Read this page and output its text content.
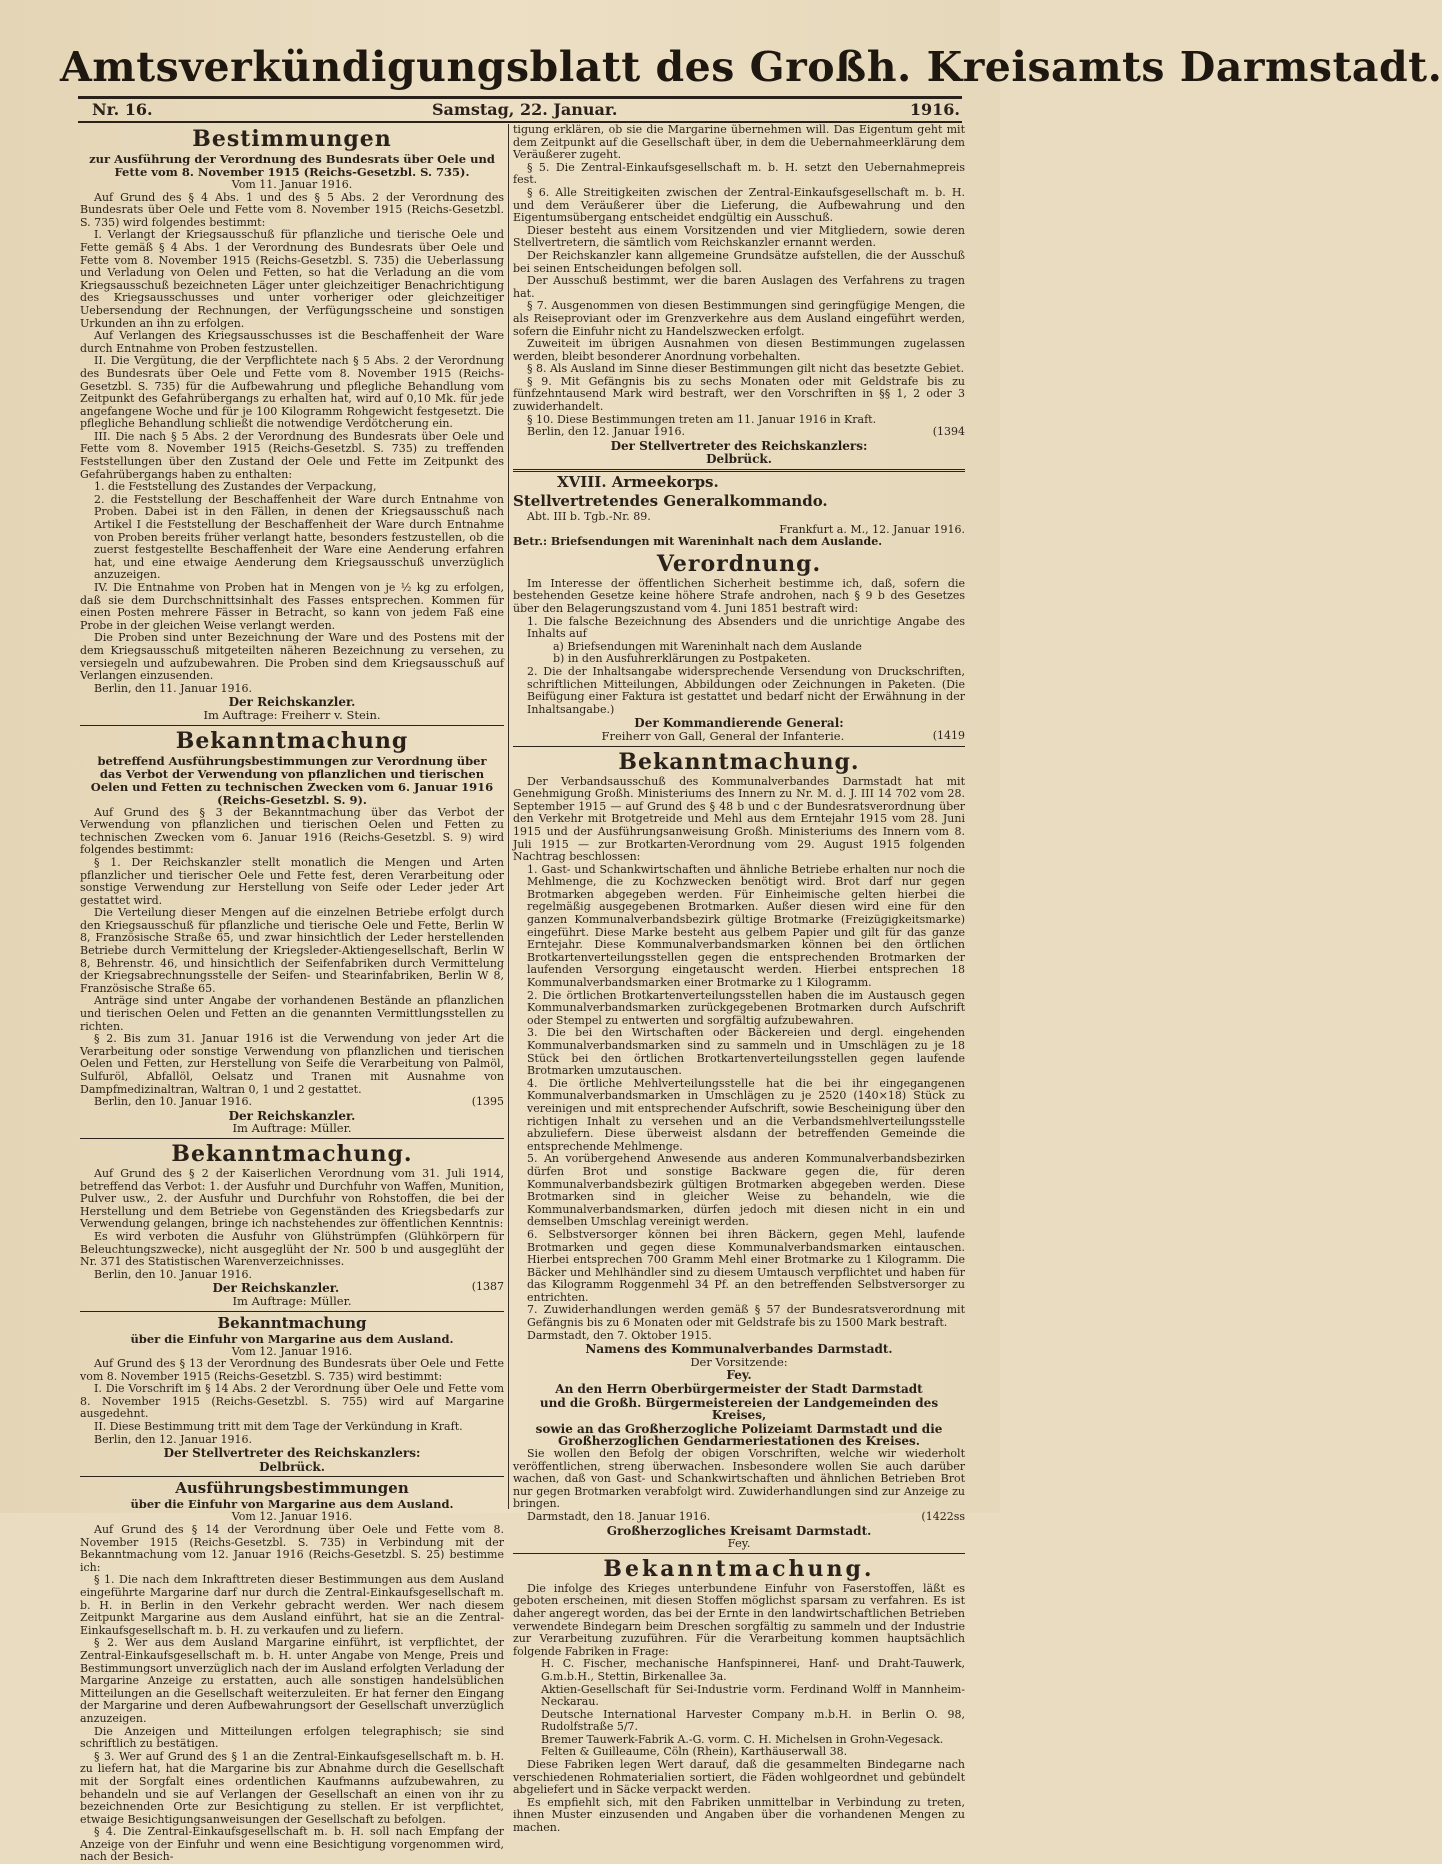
Amtsverkündigungsblatt des Großh. Kreisamts Darmstadt.
Nr. 16.	Samstag, 22. Januar.	1916.
Bestimmungen
zur Ausführung der Verordnung des Bundesrats über Oele und Fette vom 8. November 1915 (Reichs-Gesetzbl. S. 735).

Vom 11. Januar 1916.

Auf Grund des § 4 Abs. 1 und des § 5 Abs. 2 der Verordnung des Bundesrats über Oele und Fette vom 8. November 1915 (Reichs-Gesetzbl. S. 735) wird folgendes bestimmt:

I. Verlangt der Kriegsausschuß für pflanzliche und tierische Oele und Fette gemäß § 4 Abs. 1 der Verordnung des Bundesrats über Oele und Fette vom 8. November 1915 (Reichs-Gesetzbl. S. 735) die Ueberlassung und Verladung von Oelen und Fetten, so hat die Verladung an die vom Kriegsausschuß bezeichneten Läger unter gleichzeitiger Benachrichtigung des Kriegsausschusses und unter vorheriger oder gleichzeitiger Uebersendung der Rechnungen, der Verfügungsscheine und sonstigen Urkunden an ihn zu erfolgen.

Auf Verlangen des Kriegsausschusses ist die Beschaffenheit der Ware durch Entnahme von Proben festzustellen.

II. Die Vergütung, die der Verpflichtete nach § 5 Abs. 2 der Verordnung des Bundesrats über Oele und Fette vom 8. November 1915 (Reichs-Gesetzbl. S. 735) für die Aufbewahrung und pflegliche Behandlung vom Zeitpunkt des Gefahrübergangs zu erhalten hat, wird auf 0,10 Mk. für jede angefangene Woche und für je 100 Kilogramm Rohgewicht festgesetzt. Die pflegliche Behandlung schließt die notwendige Verdötcherung ein.

III. Die nach § 5 Abs. 2 der Verordnung des Bundesrats über Oele und Fette vom 8. November 1915 (Reichs-Gesetzbl. S. 735) zu treffenden Feststellungen über den Zustand der Oele und Fette im Zeitpunkt des Gefahrübergangs haben zu enthalten:

1. die Feststellung des Zustandes der Verpackung,

2. die Feststellung der Beschaffenheit der Ware durch Entnahme von Proben. Dabei ist in den Fällen, in denen der Kriegsausschuß nach Artikel I die Feststellung der Beschaffenheit der Ware durch Entnahme von Proben bereits früher verlangt hatte, besonders festzustellen, ob die zuerst festgestellte Beschaffenheit der Ware eine Aenderung erfahren hat, und eine etwaige Aenderung dem Kriegsausschuß unverzüglich anzuzeigen.

IV. Die Entnahme von Proben hat in Mengen von je ½ kg zu erfolgen, daß sie dem Durchschnittsinhalt des Fasses entsprechen. Kommen für einen Posten mehrere Fässer in Betracht, so kann von jedem Faß eine Probe in der gleichen Weise verlangt werden.

Die Proben sind unter Bezeichnung der Ware und des Postens mit der dem Kriegsausschuß mitgeteilten näheren Bezeichnung zu versehen, zu versiegeln und aufzubewahren. Die Proben sind dem Kriegsausschuß auf Verlangen einzusenden.

Berlin, den 11. Januar 1916.

Der Reichskanzler.

Im Auftrage: Freiherr v. Stein.

Bekanntmachung
betreffend Ausführungsbestimmungen zur Verordnung über das Verbot der Verwendung von pflanzlichen und tierischen Oelen und Fetten zu technischen Zwecken vom 6. Januar 1916 (Reichs-Gesetzbl. S. 9).

Auf Grund des § 3 der Bekanntmachung über das Verbot der Verwendung von pflanzlichen und tierischen Oelen und Fetten zu technischen Zwecken vom 6. Januar 1916 (Reichs-Gesetzbl. S. 9) wird folgendes bestimmt:

§ 1. Der Reichskanzler stellt monatlich die Mengen und Arten pflanzlicher und tierischer Oele und Fette fest, deren Verarbeitung oder sonstige Verwendung zur Herstellung von Seife oder Leder jeder Art gestattet wird.

Die Verteilung dieser Mengen auf die einzelnen Betriebe erfolgt durch den Kriegsausschuß für pflanzliche und tierische Oele und Fette, Berlin W 8, Französische Straße 65, und zwar hinsichtlich der Leder herstellenden Betriebe durch Vermittelung der Kriegsleder-Aktiengesellschaft, Berlin W 8, Behrenstr. 46, und hinsichtlich der Seifenfabriken durch Vermittelung der Kriegsabrechnungsstelle der Seifen- und Stearinfabriken, Berlin W 8, Französische Straße 65.

Anträge sind unter Angabe der vorhandenen Bestände an pflanzlichen und tierischen Oelen und Fetten an die genannten Vermittlungsstellen zu richten.

§ 2. Bis zum 31. Januar 1916 ist die Verwendung von jeder Art die Verarbeitung oder sonstige Verwendung von pflanzlichen und tierischen Oelen und Fetten, zur Herstellung von Seife die Verarbeitung von Palmöl, Sulfuröl, Abfallöl, Oelsatz und Tranen mit Ausnahme von Dampfmedizinaltran, Waltran 0, 1 und 2 gestattet.

Berlin, den 10. Januar 1916.	(1395

Der Reichskanzler.

Im Auftrage: Müller.

Bekanntmachung.

Auf Grund des § 2 der Kaiserlichen Verordnung vom 31. Juli 1914, betreffend das Verbot: 1. der Ausfuhr und Durchfuhr von Waffen, Munition, Pulver usw., 2. der Ausfuhr und Durchfuhr von Rohstoffen, die bei der Herstellung und dem Betriebe von Gegenständen des Kriegsbedarfs zur Verwendung gelangen, bringe ich nachstehendes zur öffentlichen Kenntnis:

Es wird verboten die Ausfuhr von Glühstrümpfen (Glühkörpern für Beleuchtungszwecke), nicht ausgeglüht der Nr. 500 b und ausgeglüht der Nr. 371 des Statistischen Warenverzeichnisses.

Berlin, den 10. Januar 1916.

Der Reichskanzler.	(1387

Im Auftrage: Müller.

Bekanntmachung
über die Einfuhr von Margarine aus dem Ausland.

Vom 12. Januar 1916.

Auf Grund des § 13 der Verordnung des Bundesrats über Oele und Fette vom 8. November 1915 (Reichs-Gesetzbl. S. 735) wird bestimmt:

I. Die Vorschrift im § 14 Abs. 2 der Verordnung über Oele und Fette vom 8. November 1915 (Reichs-Gesetzbl. S. 755) wird auf Margarine ausgedehnt.

II. Diese Bestimmung tritt mit dem Tage der Verkündung in Kraft.

Berlin, den 12. Januar 1916.

Der Stellvertreter des Reichskanzlers:

Delbrück.

Ausführungsbestimmungen
über die Einfuhr von Margarine aus dem Ausland.

Vom 12. Januar 1916.

Auf Grund des § 14 der Verordnung über Oele und Fette vom 8. November 1915 (Reichs-Gesetzbl. S. 735) in Verbindung mit der Bekanntmachung vom 12. Januar 1916 (Reichs-Gesetzbl. S. 25) bestimme ich:

§ 1. Die nach dem Inkrafttreten dieser Bestimmungen aus dem Ausland eingeführte Margarine darf nur durch die Zentral-Einkaufsgesellschaft m. b. H. in Berlin in den Verkehr gebracht werden. Wer nach diesem Zeitpunkt Margarine aus dem Ausland einführt, hat sie an die Zentral-Einkaufsgesellschaft m. b. H. zu verkaufen und zu liefern.

§ 2. Wer aus dem Ausland Margarine einführt, ist verpflichtet, der Zentral-Einkaufsgesellschaft m. b. H. unter Angabe von Menge, Preis und Bestimmungsort unverzüglich nach der im Ausland erfolgten Verladung der Margarine Anzeige zu erstatten, auch alle sonstigen handelsüblichen Mitteilungen an die Gesellschaft weiterzuleiten. Er hat ferner den Eingang der Margarine und deren Aufbewahrungsort der Gesellschaft unverzüglich anzuzeigen.

Die Anzeigen und Mitteilungen erfolgen telegraphisch; sie sind schriftlich zu bestätigen.

§ 3. Wer auf Grund des § 1 an die Zentral-Einkaufsgesellschaft m. b. H. zu liefern hat, hat die Margarine bis zur Abnahme durch die Gesellschaft mit der Sorgfalt eines ordentlichen Kaufmanns aufzubewahren, zu behandeln und sie auf Verlangen der Gesellschaft an einen von ihr zu bezeichnenden Orte zur Besichtigung zu stellen. Er ist verpflichtet, etwaige Besichtigungsanweisungen der Gesellschaft zu befolgen.

§ 4. Die Zentral-Einkaufsgesellschaft m. b. H. soll nach Empfang der Anzeige von der Einfuhr und wenn eine Besichtigung vorgenommen wird, nach der Besich-

tigung erklären, ob sie die Margarine übernehmen will. Das Eigentum geht mit dem Zeitpunkt auf die Gesellschaft über, in dem die Uebernahmeerklärung dem Veräußerer zugeht.

§ 5. Die Zentral-Einkaufsgesellschaft m. b. H. setzt den Uebernahmepreis fest.

§ 6. Alle Streitigkeiten zwischen der Zentral-Einkaufsgesellschaft m. b. H. und dem Veräußerer über die Lieferung, die Aufbewahrung und den Eigentumsübergang entscheidet endgültig ein Ausschuß.

Dieser besteht aus einem Vorsitzenden und vier Mitgliedern, sowie deren Stellvertretern, die sämtlich vom Reichskanzler ernannt werden.

Der Reichskanzler kann allgemeine Grundsätze aufstellen, die der Ausschuß bei seinen Entscheidungen befolgen soll.

Der Ausschuß bestimmt, wer die baren Auslagen des Verfahrens zu tragen hat.

§ 7. Ausgenommen von diesen Bestimmungen sind geringfügige Mengen, die als Reiseproviant oder im Grenzverkehre aus dem Ausland eingeführt werden, sofern die Einfuhr nicht zu Handelszwecken erfolgt.

Zuweiteit im übrigen Ausnahmen von diesen Bestimmungen zugelassen werden, bleibt besonderer Anordnung vorbehalten.

§ 8. Als Ausland im Sinne dieser Bestimmungen gilt nicht das besetzte Gebiet.

§ 9. Mit Gefängnis bis zu sechs Monaten oder mit Geldstrafe bis zu fünfzehntausend Mark wird bestraft, wer den Vorschriften in §§ 1, 2 oder 3 zuwiderhandelt.

§ 10. Diese Bestimmungen treten am 11. Januar 1916 in Kraft.

Berlin, den 12. Januar 1916.	(1394

Der Stellvertreter des Reichskanzlers:

Delbrück.

XVIII. Armeekorps.
Stellvertretendes Generalkommando.

Abt. III b. Tgb.-Nr. 89.

Frankfurt a. M., 12. Januar 1916.

Betr.: Briefsendungen mit Wareninhalt nach dem Auslande.

Verordnung.

Im Interesse der öffentlichen Sicherheit bestimme ich, daß, sofern die bestehenden Gesetze keine höhere Strafe androhen, nach § 9 b des Gesetzes über den Belagerungszustand vom 4. Juni 1851 bestraft wird:

1. Die falsche Bezeichnung des Absenders und die unrichtige Angabe des Inhalts auf

a) Briefsendungen mit Wareninhalt nach dem Auslande

b) in den Ausfuhrerklärungen zu Postpaketen.

2. Die der Inhaltsangabe widersprechende Versendung von Druckschriften, schriftlichen Mitteilungen, Abbildungen oder Zeichnungen in Paketen. (Die Beifügung einer Faktura ist gestattet und bedarf nicht der Erwähnung in der Inhaltsangabe.)

Der Kommandierende General:

Freiherr von Gall, General der Infanterie.	(1419

Bekanntmachung.

Der Verbandsausschuß des Kommunalverbandes Darmstadt hat mit Genehmigung Großh. Ministeriums des Innern zu Nr. M. d. J. III 14 702 vom 28. September 1915 — auf Grund des § 48 b und c der Bundesratsverordnung über den Verkehr mit Brotgetreide und Mehl aus dem Erntejahr 1915 vom 28. Juni 1915 und der Ausführungsanweisung Großh. Ministeriums des Innern vom 8. Juli 1915 — zur Brotkarten-Verordnung vom 29. August 1915 folgenden Nachtrag beschlossen:

1. Gast- und Schankwirtschaften und ähnliche Betriebe erhalten nur noch die Mehlmenge, die zu Kochzwecken benötigt wird. Brot darf nur gegen Brotmarken abgegeben werden. Für Einheimische gelten hierbei die regelmäßig ausgegebenen Brotmarken. Außer diesen wird eine für den ganzen Kommunalverbandsbezirk gültige Brotmarke (Freizügigkeitsmarke) eingeführt. Diese Marke besteht aus gelbem Papier und gilt für das ganze Erntejahr. Diese Kommunalverbandsmarken können bei den örtlichen Brotkartenverteilungsstellen gegen die entsprechenden Brotmarken der laufenden Versorgung eingetauscht werden. Hierbei entsprechen 18 Kommunalverbandsmarken einer Brotmarke zu 1 Kilogramm.

2. Die örtlichen Brotkartenverteilungsstellen haben die im Austausch gegen Kommunalverbandsmarken zurückgegebenen Brotmarken durch Aufschrift oder Stempel zu entwerten und sorgfältig aufzubewahren.

3. Die bei den Wirtschaften oder Bäckereien und dergl. eingehenden Kommunalverbandsmarken sind zu sammeln und in Umschlägen zu je 18 Stück bei den örtlichen Brotkartenverteilungsstellen gegen laufende Brotmarken umzutauschen.

4. Die örtliche Mehlverteilungsstelle hat die bei ihr eingegangenen Kommunalverbandsmarken in Umschlägen zu je 2520 (140×18) Stück zu vereinigen und mit entsprechender Aufschrift, sowie Bescheinigung über den richtigen Inhalt zu versehen und an die Verbandsmehlverteilungsstelle abzuliefern. Diese überweist alsdann der betreffenden Gemeinde die entsprechende Mehlmenge.

5. An vorübergehend Anwesende aus anderen Kommunalverbandsbezirken dürfen Brot und sonstige Backware gegen die, für deren Kommunalverbandsbezirk gültigen Brotmarken abgegeben werden. Diese Brotmarken sind in gleicher Weise zu behandeln, wie die Kommunalverbandsmarken, dürfen jedoch mit diesen nicht in ein und demselben Umschlag vereinigt werden.

6. Selbstversorger können bei ihren Bäckern, gegen Mehl, laufende Brotmarken und gegen diese Kommunalverbandsmarken eintauschen. Hierbei entsprechen 700 Gramm Mehl einer Brotmarke zu 1 Kilogramm. Die Bäcker und Mehlhändler sind zu diesem Umtausch verpflichtet und haben für das Kilogramm Roggenmehl 34 Pf. an den betreffenden Selbstversorger zu entrichten.

7. Zuwiderhandlungen werden gemäß § 57 der Bundesratsverordnung mit Gefängnis bis zu 6 Monaten oder mit Geldstrafe bis zu 1500 Mark bestraft.

Darmstadt, den 7. Oktober 1915.

Namens des Kommunalverbandes Darmstadt.

Der Vorsitzende:

Fey.

An den Herrn Oberbürgermeister der Stadt Darmstadt

und die Großh. Bürgermeistereien der Landgemeinden des Kreises,

sowie an das Großherzogliche Polizeiamt Darmstadt und die Großherzoglichen Gendarmeriestationen des Kreises.

Sie wollen den Befolg der obigen Vorschriften, welche wir wiederholt veröffentlichen, streng überwachen. Insbesondere wollen Sie auch darüber wachen, daß von Gast- und Schankwirtschaften und ähnlichen Betrieben Brot nur gegen Brotmarken verabfolgt wird. Zuwiderhandlungen sind zur Anzeige zu bringen.

Darmstadt, den 18. Januar 1916.	(1422ss

Großherzogliches Kreisamt Darmstadt.

Fey.

Bekanntmachung.

Die infolge des Krieges unterbundene Einfuhr von Faserstoffen, läßt es geboten erscheinen, mit diesen Stoffen möglichst sparsam zu verfahren. Es ist daher angeregt worden, das bei der Ernte in den landwirtschaftlichen Betrieben verwendete Bindegarn beim Dreschen sorgfältig zu sammeln und der Industrie zur Verarbeitung zuzuführen. Für die Verarbeitung kommen hauptsächlich folgende Fabriken in Frage:

H. C. Fischer, mechanische Hanfspinnerei, Hanf- und Draht-Tauwerk, G.m.b.H., Stettin, Birkenallee 3a.

Aktien-Gesellschaft für Sei-Industrie vorm. Ferdinand Wolff in Mannheim-Neckarau.

Deutsche International Harvester Company m.b.H. in Berlin O. 98, Rudolfstraße 5/7.

Bremer Tauwerk-Fabrik A.-G. vorm. C. H. Michelsen in Grohn-Vegesack.

Felten & Guilleaume, Cöln (Rhein), Karthäuserwall 38.

Diese Fabriken legen Wert darauf, daß die gesammelten Bindegarne nach verschiedenen Rohmaterialien sortiert, die Fäden wohlgeordnet und gebündelt abgeliefert und in Säcke verpackt werden.

Es empfiehlt sich, mit den Fabriken unmittelbar in Verbindung zu treten, ihnen Muster einzusenden und Angaben über die vorhandenen Mengen zu machen.
